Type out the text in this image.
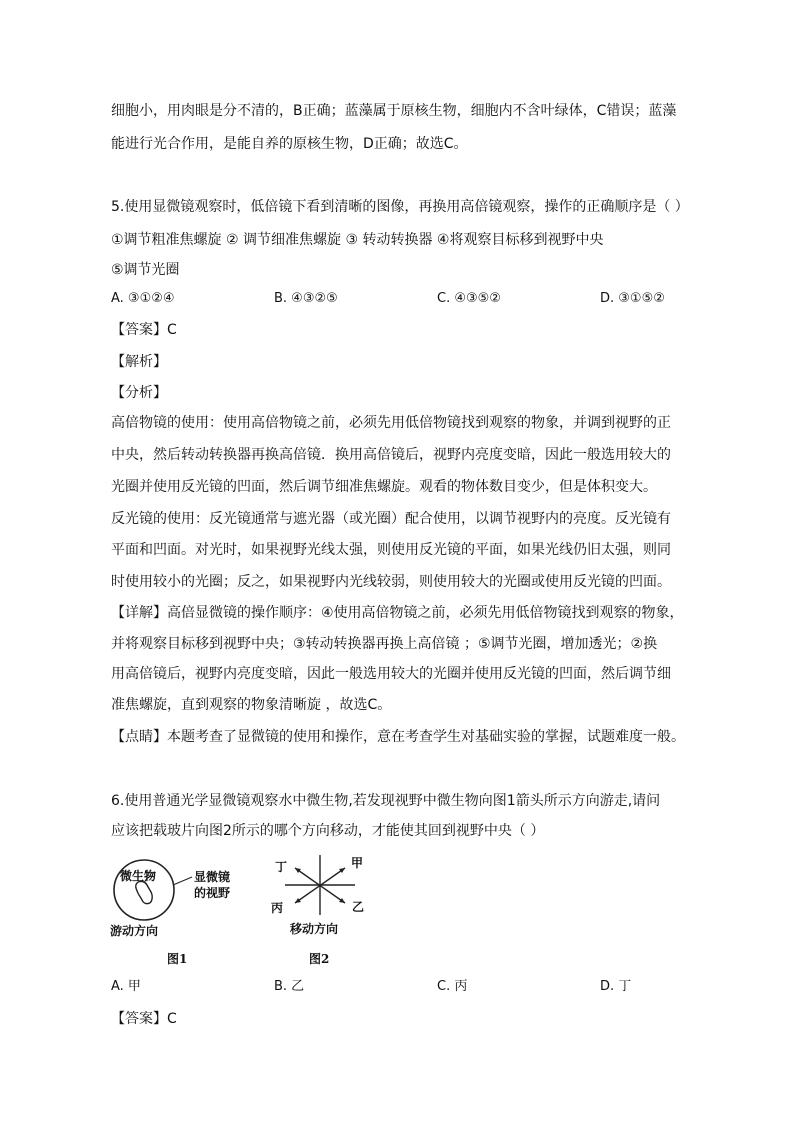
细胞小，用肉眼是分不清的，B正确；蓝藻属于原核生物，细胞内不含叶绿体，C错误；蓝藻
能进行光合作用，是能自养的原核生物，D正确；故选C。
5.使用显微镜观察时，低倍镜下看到清晰的图像，再换用高倍镜观察，操作的正确顺序是（ ）
①调节粗准焦螺旋 ② 调节细准焦螺旋 ③ 转动转换器 ④将观察目标移到视野中央
⑤调节光圈
A. ③①②④	B. ④③②⑤	C. ④③⑤②	D. ③①⑤②
【答案】C
【解析】
【分析】
高倍物镜的使用：使用高倍物镜之前，必须先用低倍物镜找到观察的物象，并调到视野的正
中央，然后转动转换器再换高倍镜．换用高倍镜后，视野内亮度变暗，因此一般选用较大的
光圈并使用反光镜的凹面，然后调节细准焦螺旋。观看的物体数目变少，但是体积变大。
反光镜的使用：反光镜通常与遮光器（或光圈）配合使用，以调节视野内的亮度。反光镜有
平面和凹面。对光时，如果视野光线太强，则使用反光镜的平面，如果光线仍旧太强，则同
时使用较小的光圈；反之，如果视野内光线较弱，则使用较大的光圈或使用反光镜的凹面。
【详解】高倍显微镜的操作顺序：④使用高倍物镜之前，必须先用低倍物镜找到观察的物象，
并将观察目标移到视野中央；③转动转换器再换上高倍镜 ；⑤调节光圈，增加透光；②换
用高倍镜后，视野内亮度变暗，因此一般选用较大的光圈并使用反光镜的凹面，然后调节细
准焦螺旋，直到观察的物象清晰旋 ，故选C。
【点睛】本题考查了显微镜的使用和操作，意在考查学生对基础实验的掌握，试题难度一般。
6.使用普通光学显微镜观察水中微生物,若发现视野中微生物向图1箭头所示方向游走,请问
应该把载玻片向图2所示的哪个方向移动，才能使其回到视野中央（ ）
微生物	显微镜
的视野
游动方向
图1
丁	甲
丙	乙
移动方向
图2
A. 甲	B. 乙	C. 丙	D. 丁
【答案】C
